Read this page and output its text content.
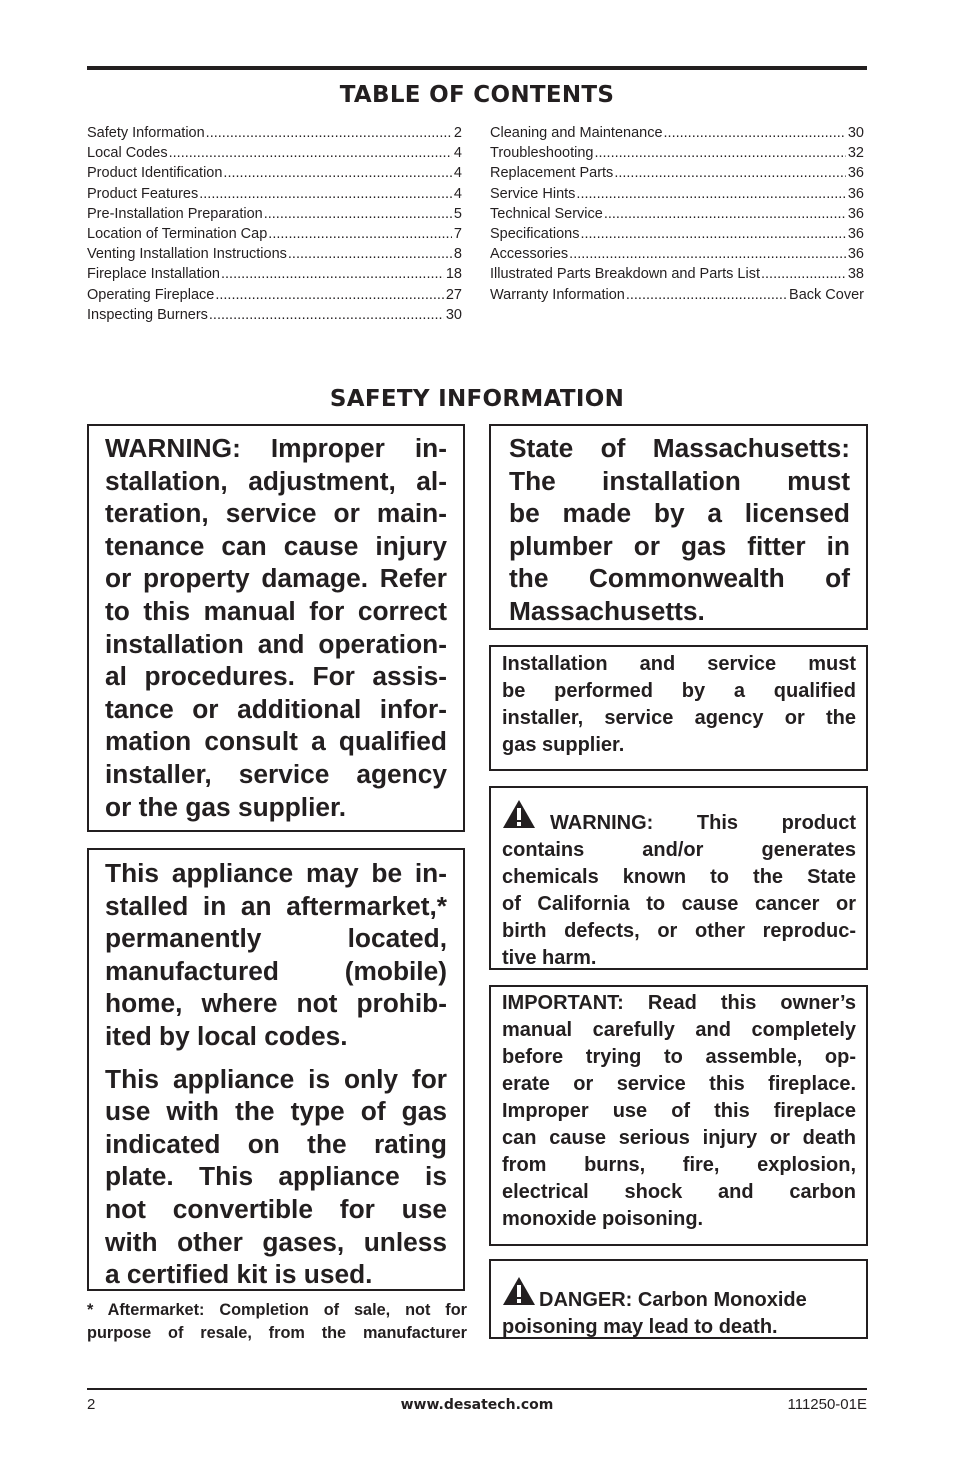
TABLE OF CONTENTS
Safety Information .....	2
Local Codes .....	4
Product Identification .....	4
Product Features .....	4
Pre-Installation Preparation .....	5
Location of Termination Cap .....	7
Venting Installation Instructions .....	8
Fireplace Installation .....	18
Operating Fireplace .....	27
Inspecting Burners .....	30
Cleaning and Maintenance .....	30
Troubleshooting .....	32
Replacement Parts .....	36
Service Hints .....	36
Technical Service .....	36
Specifications .....	36
Accessories .....	36
Illustrated Parts Breakdown and Parts List .....	38
Warranty Information .....	Back Cover
SAFETY INFORMATION
WARNING: Improper in-
stallation, adjustment, al-
teration, service or main-
tenance can cause injury
or property damage. Refer
to this manual for correct
installation and operation-
al procedures. For assis-
tance or additional infor-
mation consult a qualified
installer, service agency
or the gas supplier.
State of Massachusetts:
The installation must
be made by a licensed
plumber or gas fitter in
the Commonwealth of
Massachusetts.
Installation and service must
be performed by a qualified
installer, service agency or the
gas supplier.
WARNING: This product
contains and/or generates
chemicals known to the State
of California to cause cancer or
birth defects, or other reproduc-
tive harm.
IMPORTANT: Read this owner’s
manual carefully and completely
before trying to assemble, op-
erate or service this fireplace.
Improper use of this fireplace
can cause serious injury or death
from burns, fire, explosion,
electrical shock and carbon
monoxide poisoning.
This appliance may be in-
stalled in an aftermarket,*
permanently located,
manufactured (mobile)
home, where not prohib-
ited by local codes.
This appliance is only for
use with the type of gas
indicated on the rating
plate. This appliance is
not convertible for use
with other gases, unless
a certified kit is used.
DANGER: Carbon Monoxide
poisoning may lead to death.
* Aftermarket: Completion of sale, not for
purpose of resale, from the manufacturer
2	www.desatech.com	111250-01E
